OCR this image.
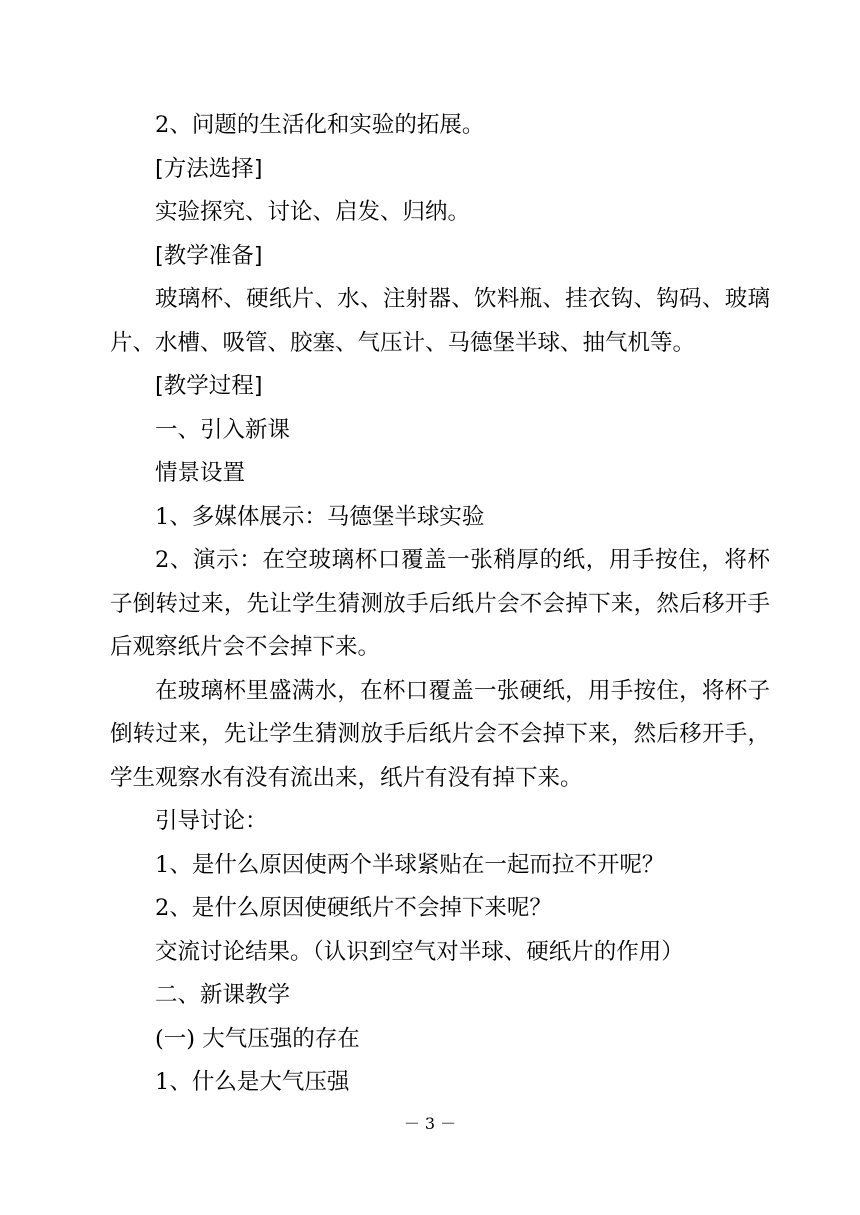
2、问题的生活化和实验的拓展。

[方法选择]

实验探究、讨论、启发、归纳。

[教学准备]

玻璃杯、硬纸片、水、注射器、饮料瓶、挂衣钩、钩码、玻璃片、水槽、吸管、胶塞、气压计、马德堡半球、抽气机等。

[教学过程]

一、引入新课

情景设置

1、多媒体展示：马德堡半球实验

2、演示：在空玻璃杯口覆盖一张稍厚的纸，用手按住，将杯子倒转过来，先让学生猜测放手后纸片会不会掉下来，然后移开手后观察纸片会不会掉下来。

在玻璃杯里盛满水，在杯口覆盖一张硬纸，用手按住，将杯子倒转过来，先让学生猜测放手后纸片会不会掉下来，然后移开手，学生观察水有没有流出来，纸片有没有掉下来。

引导讨论：

1、是什么原因使两个半球紧贴在一起而拉不开呢？

2、是什么原因使硬纸片不会掉下来呢？

交流讨论结果。（认识到空气对半球、硬纸片的作用）

二、新课教学

(一) 大气压强的存在

1、什么是大气压强

－ 3 －
